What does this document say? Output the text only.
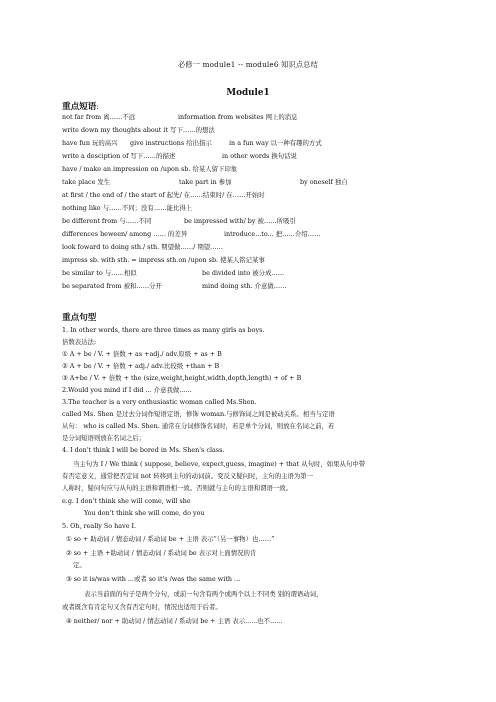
必修一 module1 -- module6 知识点总结
Module1
重点短语:
not far from 离……不远	information from websites 网上的消息
write down my thoughts about it 写下……的想法
have fun 玩的高兴 give instructions 给出指示	in a fun way 以一种有趣的方式
write a desciption of 写下……的描述	in other words 换句话说
have / make an impression on /upon sb. 给某人留下印象
take place 发生	take part in 参加	by oneself 独自
at first / the end of / the start of 起先/ 在……结束时/ 在……开始时
nothing like 与……不同；没有……能比得上
be different from 与……不同	be impressed with/ by 被……所吸引
differences beween/ among …… 的差异	introduce...to... 把……介绍……
look foward to doing sth./ sth. 期望做……/ 期望……
impress sb. with sth. = impress sth.on /upon sb. 使某人铭记某事
be similar to 与……相似	be divided into 被分成……
be separated from 被和……分开	mind doing sth. 介意做……
重点句型
1. In other words, there are three times as many girls as boys.
倍数表达法:
① A + be / V. + 倍数 + as +adj./ adv.原级 + as + B
② A + be / V. + 倍数 + adj./ adv.比较级 +than + B
③ A+be / V. + 倍数 + the (size,weight,height,width,depth,length) + of + B
2.Would you mind if I did ... 介意我做......
3.The teacher is a very enthusiastic woman called Ms.Shen.
called Ms. Shen 是过去分词作短语定语，修饰 woman.与修饰词之间是被动关系。相当与定语
从句： who is called Ms. Shen. 通常在分词修饰名词时，若是单个分词，则放在名词之前，若
是分词短语则放在名词之后；
4. I don't think I will be bored in Ms. Shen's class.
当主句为 I / We think ( suppose, believe, expect,guess, imagine) + that 从句时，如果从句中带
有否定意义，通常把否定词 not 转移到主句的动词前。变反义疑问时，主句的主语为第一
人称时，疑问句应与从句的主语和谓语相一致。否则就与主句的主语和谓语一致。
e.g. I don't think she will come, will she
You don't think she will come, do you
5. Oh, really So have I.
① so + 助动词 / 情态动词 / 系动词 be + 主语 表示“（另一事物）也……”
② so + 主语 +助动词 / 情态动词 / 系动词 be 表示对上面情况的肯
定。
③ so it is/was with ...或者 so it's /was the same with ...
表示当前面的句子是两个分句，或前一句含有两个或两个以上不同类 别的谓语动词，
或者既含有肯定句又含有否定句时，情况也适用于后者。
④ neither/ nor + 助动词 / 情态动词 / 系动词 be + 主语 表示......也不......
